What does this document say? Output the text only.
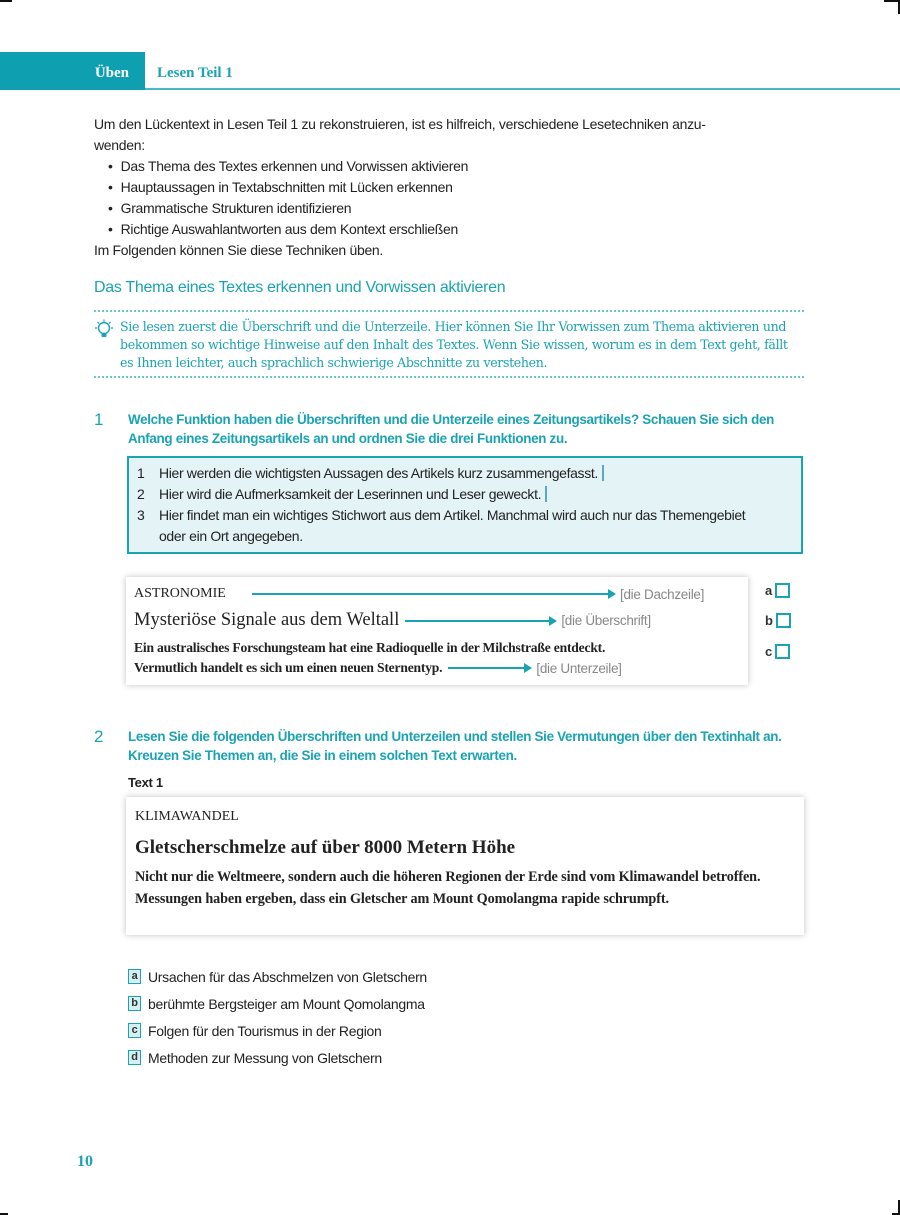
Üben Lesen Teil 1
Um den Lückentext in Lesen Teil 1 zu rekonstruieren, ist es hilfreich, verschiedene Lesetechniken anzu-
wenden:
• Das Thema des Textes erkennen und Vorwissen aktivieren
• Hauptaussagen in Textabschnitten mit Lücken erkennen
• Grammatische Strukturen identifizieren
• Richtige Auswahlantworten aus dem Kontext erschließen
Im Folgenden können Sie diese Techniken üben.
Das Thema eines Textes erkennen und Vorwissen aktivieren
Sie lesen zuerst die Überschrift und die Unterzeile. Hier können Sie Ihr Vorwissen zum Thema aktivieren und bekommen so wichtige Hinweise auf den Inhalt des Textes. Wenn Sie wissen, worum es in dem Text geht, fällt es Ihnen leichter, auch sprachlich schwierige Abschnitte zu verstehen.
1 Welche Funktion haben die Überschriften und die Unterzeile eines Zeitungsartikels? Schauen Sie sich den Anfang eines Zeitungsartikels an und ordnen Sie die drei Funktionen zu.
1	Hier werden die wichtigsten Aussagen des Artikels kurz zusammengefasst.
2	Hier wird die Aufmerksamkeit der Leserinnen und Leser geweckt.
3	Hier findet man ein wichtiges Stichwort aus dem Artikel. Manchmal wird auch nur das Themengebiet oder ein Ort angegeben.
ASTRONOMIE	[die Dachzeile]
Mysteriöse Signale aus dem Weltall	[die Überschrift]
Ein australisches Forschungsteam hat eine Radioquelle in der Milchstraße entdeckt.
Vermutlich handelt es sich um einen neuen Sternentyp.	[die Unterzeile]
a
b
c
2 Lesen Sie die folgenden Überschriften und Unterzeilen und stellen Sie Vermutungen über den Textinhalt an. Kreuzen Sie Themen an, die Sie in einem solchen Text erwarten.
Text 1
KLIMAWANDEL
Gletscherschmelze auf über 8000 Metern Höhe
Nicht nur die Weltmeere, sondern auch die höheren Regionen der Erde sind vom Klimawandel betroffen. Messungen haben ergeben, dass ein Gletscher am Mount Qomolangma rapide schrumpft.
a Ursachen für das Abschmelzen von Gletschern
b berühmte Bergsteiger am Mount Qomolangma
c Folgen für den Tourismus in der Region
d Methoden zur Messung von Gletschern
10
